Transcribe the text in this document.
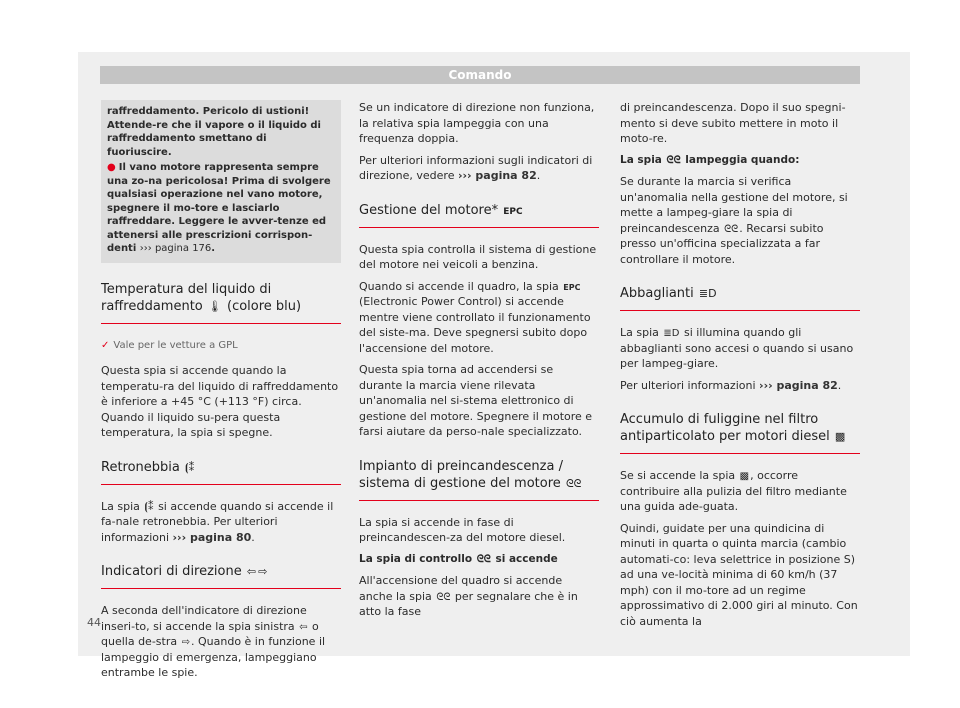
Comando
raffreddamento. Pericolo di ustioni! Attende-re che il vapore o il liquido di raffreddamento smettano di fuoriuscire.
● Il vano motore rappresenta sempre una zo-na pericolosa! Prima di svolgere qualsiasi operazione nel vano motore, spegnere il mo-tore e lasciarlo raffreddare. Leggere le avver-tenze ed attenersi alle prescrizioni corrispon-denti ››› pagina 176.
Temperatura del liquido di raffreddamento 🌡 (colore blu)
✓ Vale per le vetture a GPL

Questa spia si accende quando la temperatu-ra del liquido di raffreddamento è inferiore a +45 °C (+113 °F) circa. Quando il liquido su-pera questa temperatura, la spia si spegne.

Retronebbia ⦗⁑

La spia ⦗⁑ si accende quando si accende il fa-nale retronebbia. Per ulteriori informazioni ››› pagina 80.

Indicatori di direzione ⇦ ⇨

A seconda dell'indicatore di direzione inseri-to, si accende la spia sinistra ⇦ o quella de-stra ⇨. Quando è in funzione il lampeggio di emergenza, lampeggiano entrambe le spie.

Se un indicatore di direzione non funziona, la relativa spia lampeggia con una frequenza doppia.

Per ulteriori informazioni sugli indicatori di direzione, vedere ››› pagina 82.

Gestione del motore* EPC

Questa spia controlla il sistema di gestione del motore nei veicoli a benzina.

Quando si accende il quadro, la spia EPC (Electronic Power Control) si accende mentre viene controllato il funzionamento del siste-ma. Deve spegnersi subito dopo l'accensione del motore.

Questa spia torna ad accendersi se durante la marcia viene rilevata un'anomalia nel si-stema elettronico di gestione del motore. Spegnere il motore e farsi aiutare da perso-nale specializzato.

Impianto di preincandescenza /
sistema di gestione del motore ᘓᘓ

La spia si accende in fase di preincandescen-za del motore diesel.

La spia di controllo ᘓᘓ si accende

All'accensione del quadro si accende anche la spia ᘓᘓ per segnalare che è in atto la fase

di preincandescenza. Dopo il suo spegni-mento si deve subito mettere in moto il moto-re.

La spia ᘓᘓ lampeggia quando:

Se durante la marcia si verifica un'anomalia nella gestione del motore, si mette a lampeg-giare la spia di preincandescenza ᘓᘓ. Recarsi subito presso un'officina specializzata a far controllare il motore.

Abbaglianti ≣D

La spia ≣D si illumina quando gli abbaglianti sono accesi o quando si usano per lampeg-giare.

Per ulteriori informazioni ››› pagina 82.

Accumulo di fuliggine nel filtro
antiparticolato per motori diesel ▩

Se si accende la spia ▩, occorre contribuire alla pulizia del filtro mediante una guida ade-guata.

Quindi, guidate per una quindicina di minuti in quarta o quinta marcia (cambio automati-co: leva selettrice in posizione S) ad una ve-locità minima di 60 km/h (37 mph) con il mo-tore ad un regime approssimativo di 2.000 giri al minuto. Con ciò aumenta la

44
